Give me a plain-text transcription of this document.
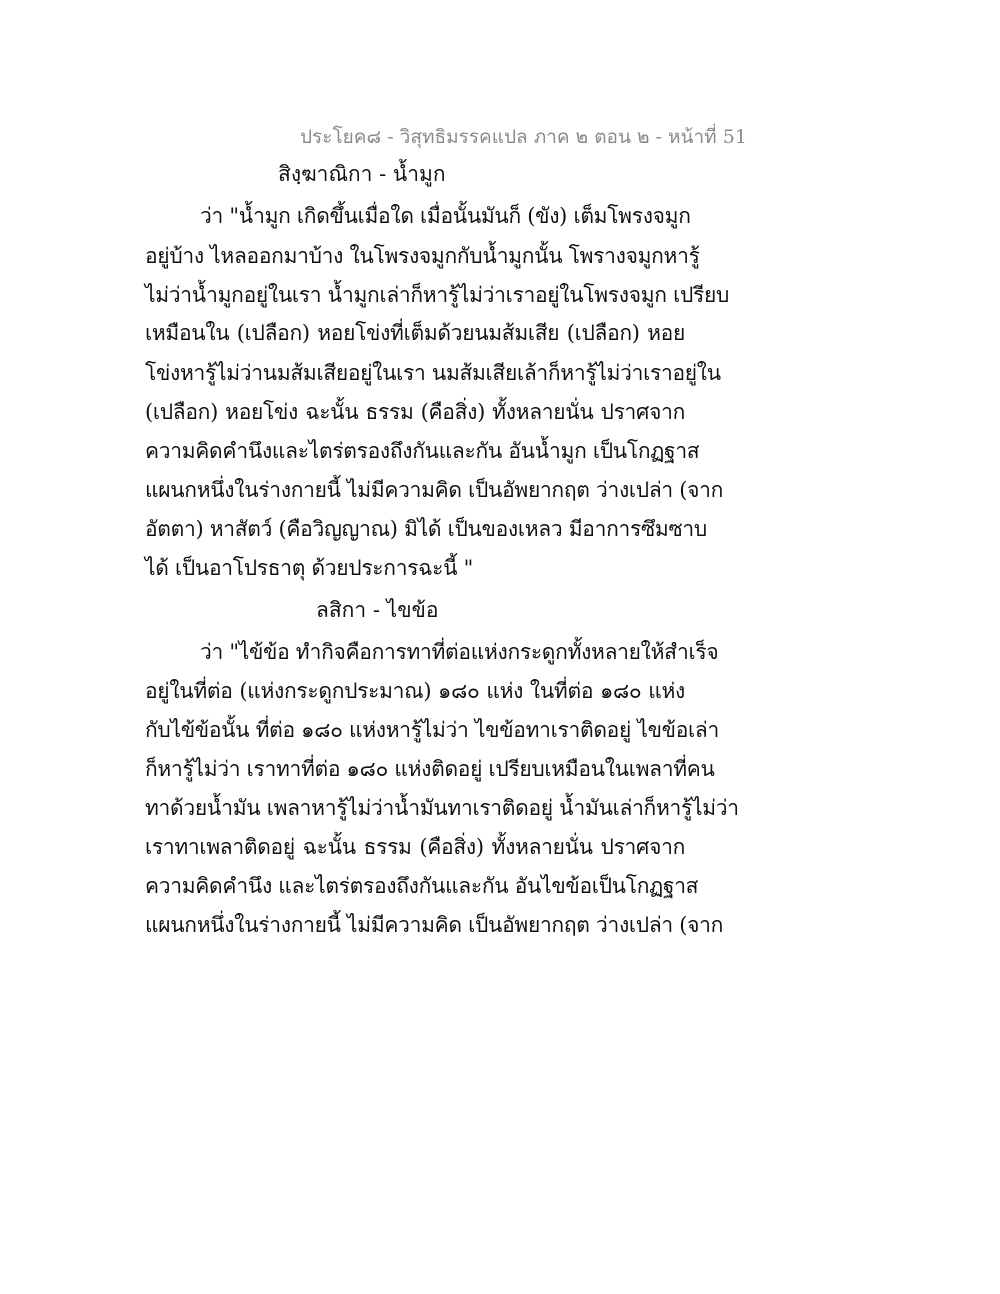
ประโยค๘ - วิสุทธิมรรคแปล ภาค ๒ ตอน ๒ - หน้าที่ 51
สิงฺฆาณิกา - น้ำมูก
ว่า "น้ำมูก เกิดขึ้นเมื่อใด เมื่อนั้นมันก็ (ขัง) เต็มโพรงจมูก
อยู่บ้าง ไหลออกมาบ้าง ในโพรงจมูกกับน้ำมูกนั้น โพรางจมูกหารู้
ไม่ว่าน้ำมูกอยู่ในเรา น้ำมูกเล่าก็หารู้ไม่ว่าเราอยู่ในโพรงจมูก เปรียบ
เหมือนใน (เปลือก) หอยโข่งที่เต็มด้วยนมส้มเสีย (เปลือก) หอย
โข่งหารู้ไม่ว่านมส้มเสียอยู่ในเรา นมส้มเสียเล้าก็หารู้ไม่ว่าเราอยู่ใน
(เปลือก) หอยโข่ง ฉะนั้น ธรรม (คือสิ่ง) ทั้งหลายนั่น ปราศจาก
ความคิดคำนึงและไตร่ตรองถึงกันและกัน อันน้ำมูก เป็นโกฏฐาส
แผนกหนึ่งในร่างกายนี้ ไม่มีความคิด เป็นอัพยากฤต ว่างเปล่า (จาก
อัตตา) หาสัตว์ (คือวิญญาณ) มิได้ เป็นของเหลว มีอาการซึมซาบ
ได้ เป็นอาโปรธาตุ ด้วยประการฉะนี้ "
ลสิกา - ไขข้อ
ว่า "ไข้ข้อ ทำกิจคือการทาที่ต่อแห่งกระดูกทั้งหลายให้สำเร็จ
อยู่ในที่ต่อ (แห่งกระดูกประมาณ) ๑๘๐ แห่ง ในที่ต่อ ๑๘๐ แห่ง
กับไข้ข้อนั้น ที่ต่อ ๑๘๐ แห่งหารู้ไม่ว่า ไขข้อทาเราติดอยู่ ไขข้อเล่า
ก็หารู้ไม่ว่า เราทาที่ต่อ ๑๘๐ แห่งติดอยู่ เปรียบเหมือนในเพลาที่คน
ทาด้วยน้ำมัน เพลาหารู้ไม่ว่าน้ำมันทาเราติดอยู่ น้ำมันเล่าก็หารู้ไม่ว่า
เราทาเพลาติดอยู่ ฉะนั้น ธรรม (คือสิ่ง) ทั้งหลายนั่น ปราศจาก
ความคิดคำนึง และไตร่ตรองถึงกันและกัน อันไขข้อเป็นโกฏฐาส
แผนกหนึ่งในร่างกายนี้ ไม่มีความคิด เป็นอัพยากฤต ว่างเปล่า (จาก
